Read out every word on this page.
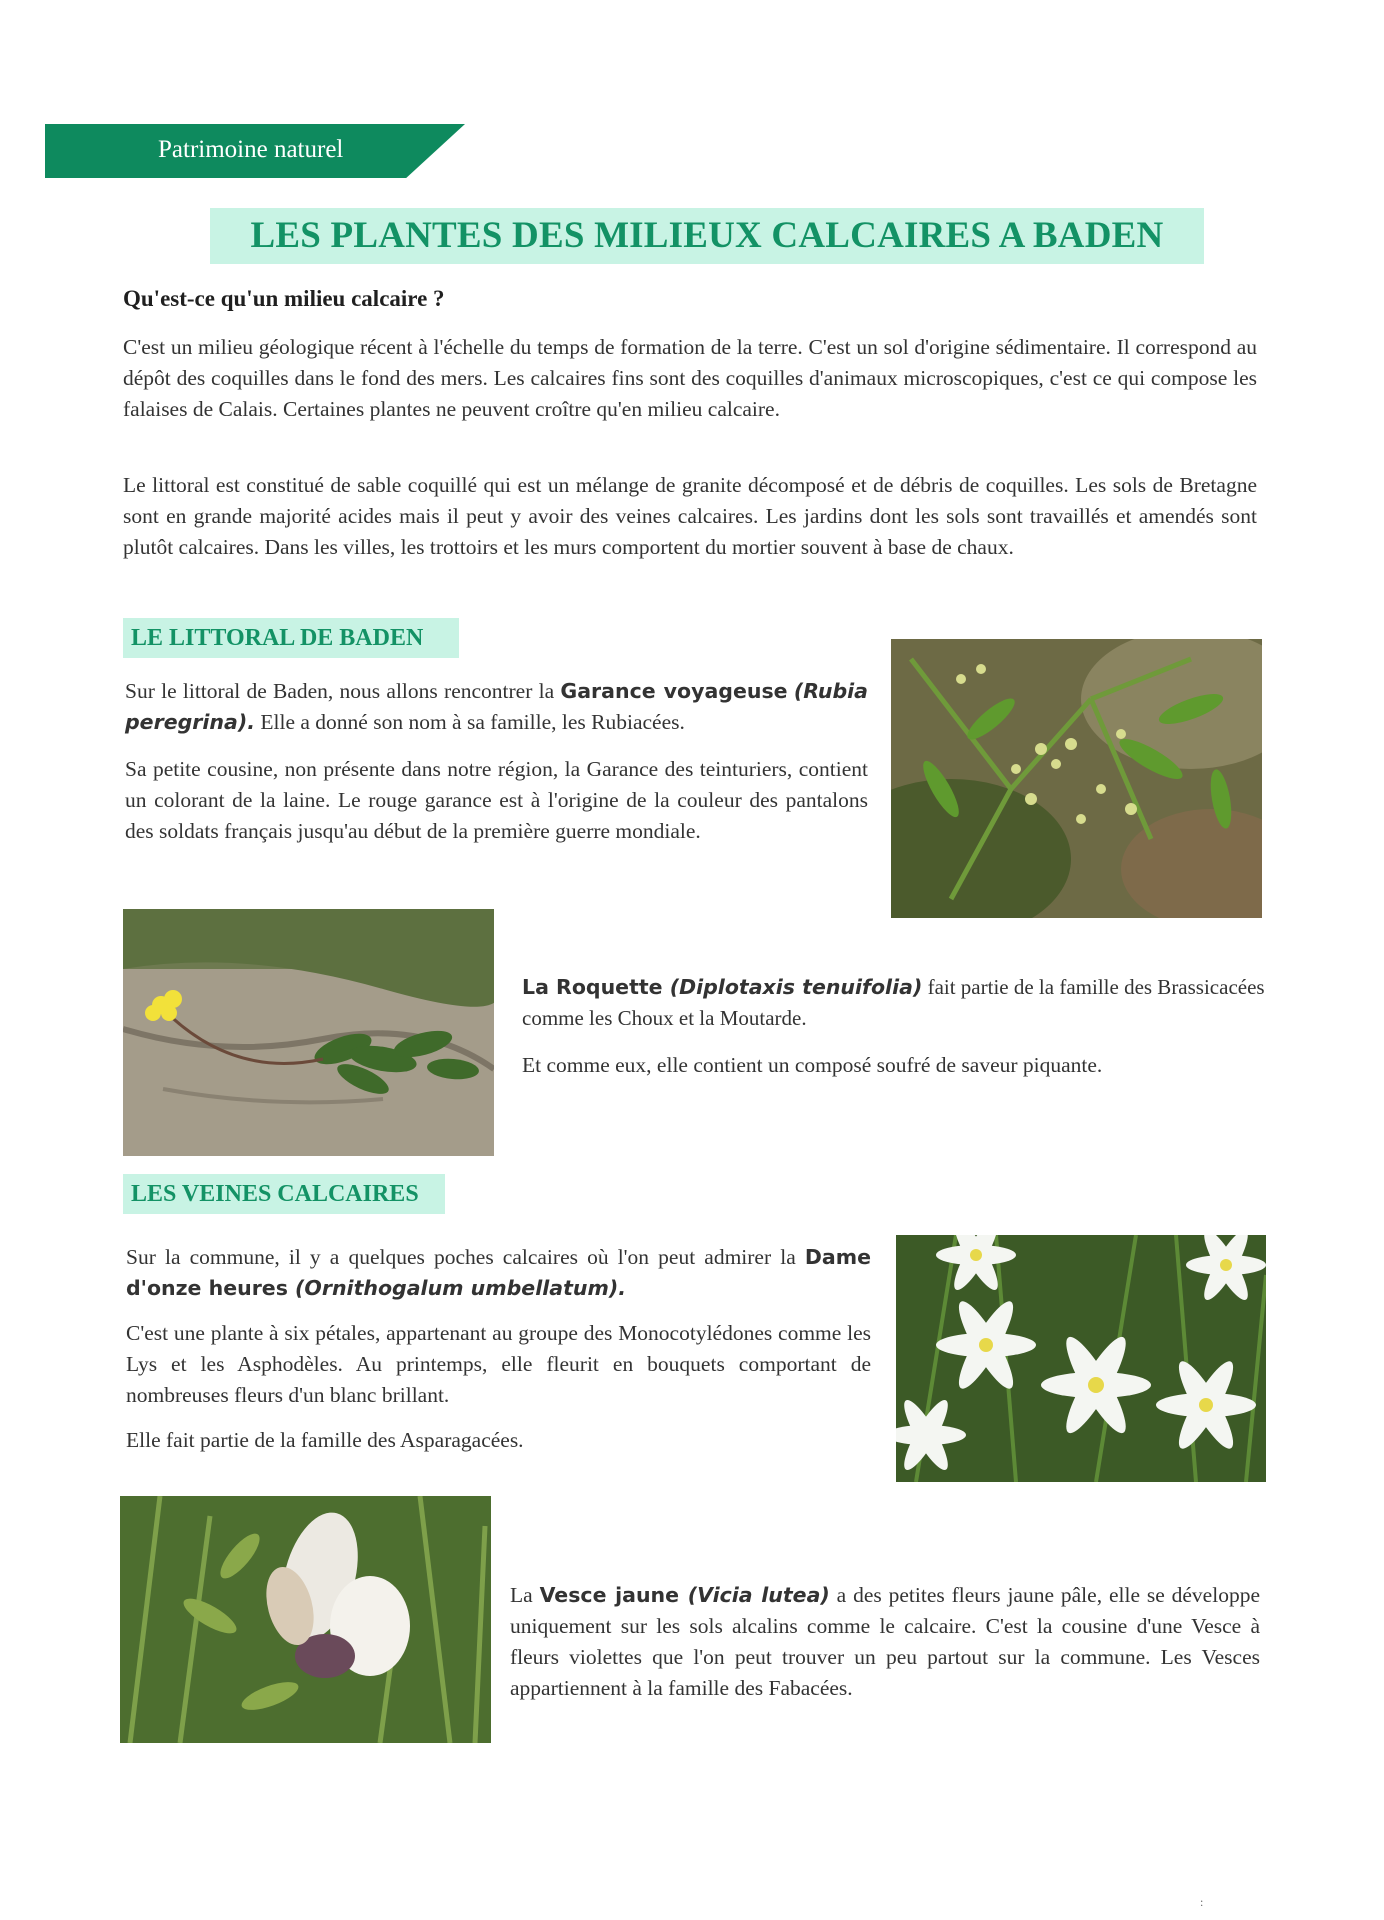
Patrimoine naturel
LES PLANTES DES MILIEUX CALCAIRES A BADEN
Qu'est-ce qu'un milieu calcaire ?

C'est un milieu géologique récent à l'échelle du temps de formation de la terre. C'est un sol d'origine sédimentaire. Il correspond au dépôt des coquilles dans le fond des mers. Les calcaires fins sont des coquilles d'animaux microscopiques, c'est ce qui compose les falaises de Calais. Certaines plantes ne peuvent croître qu'en milieu calcaire.

Le littoral est constitué de sable coquillé qui est un mélange de granite décomposé et de débris de coquilles. Les sols de Bretagne sont en grande majorité acides mais il peut y avoir des veines calcaires. Les jardins dont les sols sont travaillés et amendés sont plutôt calcaires. Dans les villes, les trottoirs et les murs comportent du mortier souvent à base de chaux.

LE LITTORAL DE BADEN

Sur le littoral de Baden, nous allons rencontrer la Garance voyageuse (Rubia peregrina). Elle a donné son nom à sa famille, les Rubiacées.

Sa petite cousine, non présente dans notre région, la Garance des teinturiers, contient un colorant de la laine. Le rouge garance est à l'origine de la couleur des pantalons des soldats français jusqu'au début de la première guerre mondiale.

La Roquette (Diplotaxis tenuifolia) fait partie de la famille des Brassicacées comme les Choux et la Moutarde.

Et comme eux, elle contient un composé soufré de saveur piquante.

LES VEINES CALCAIRES

Sur la commune, il y a quelques poches calcaires où l'on peut admirer la Dame d'onze heures (Ornithogalum umbellatum).

C'est une plante à six pétales, appartenant au groupe des Monocotylédones comme les Lys et les Asphodèles. Au printemps, elle fleurit en bouquets comportant de nombreuses fleurs d'un blanc brillant.

Elle fait partie de la famille des Asparagacées.

La Vesce jaune (Vicia lutea) a des petites fleurs jaune pâle, elle se développe uniquement sur les sols alcalins comme le calcaire. C'est la cousine d'une Vesce à fleurs violettes que l'on peut trouver un peu partout sur la commune. Les Vesces appartiennent à la famille des Fabacées.

:
